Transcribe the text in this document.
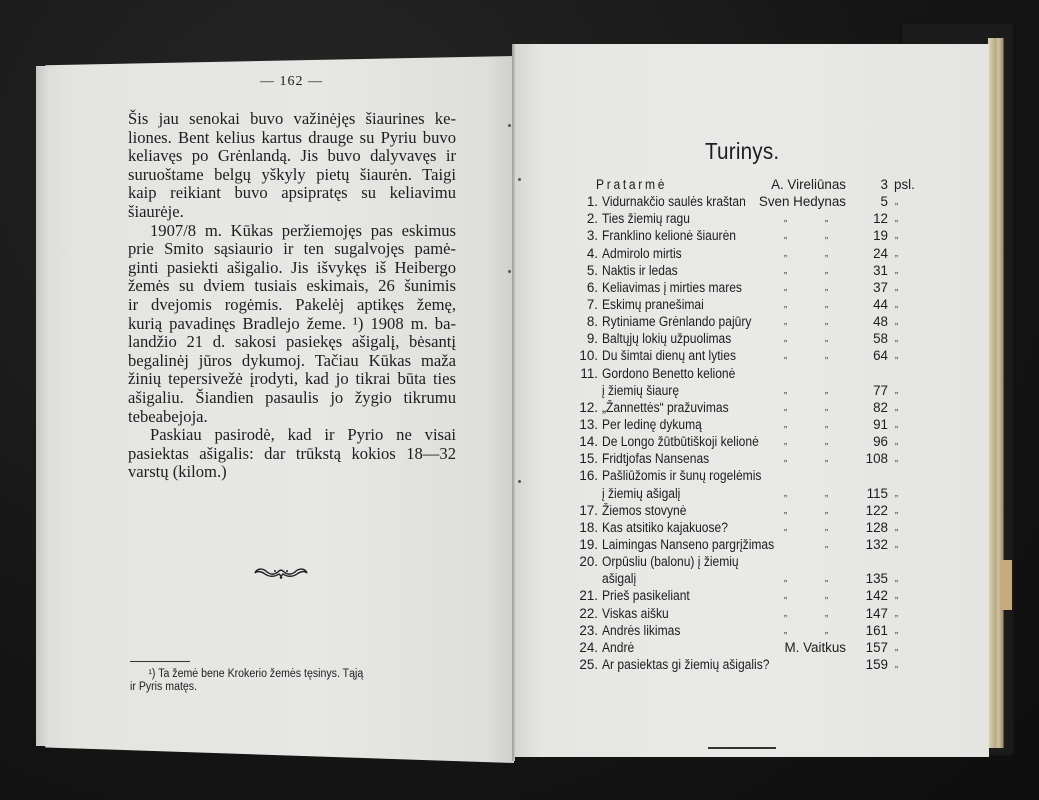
— 162 —

Šis jau senokai buvo važinėjęs šiaurines ke-
liones. Bent kelius kartus drauge su Pyriu buvo
keliavęs po Grėnlandą. Jis buvo dalyvavęs ir
suruoštame belgų yškyly pietų šiaurėn. Taigi
kaip reikiant buvo apsipratęs su keliavimu
šiaurėje.

1907/8 m. Kūkas peržiemojęs pas eskimus
prie Smito sąsiaurio ir ten sugalvojęs pamė-
ginti pasiekti ašigalio. Jis išvykęs iš Heibergo
žemės su dviem tusiais eskimais, 26 šunimis
ir dvejomis rogėmis. Pakelėj aptikęs žemę,
kurią pavadinęs Bradlejo žeme. ¹) 1908 m. ba-
landžio 21 d. sakosi pasiekęs ašigalį, bėsantį
begalinėj jūros dykumoj. Tačiau Kūkas maža
žinių tepersivežė įrodyti, kad jo tikrai būta ties
ašigaliu. Šiandien pasaulis jo žygio tikrumu
tebeabejoja.

Paskiau pasirodė, kad ir Pyrio ne visai
pasiektas ašigalis: dar trūkstą kokios 18—32
varstų (kilom.)

¹) Ta žemė bene Krokerio žemės tęsinys. Tąją
ir Pyris matęs.
Turinys.
Pratarmė	A. Vireliūnas	3 psl.
1. Vidurnakčio saulės kraštan Sven Hedynas	5 „
2. Ties žiemių ragu	„	„	12 „
3. Franklino kelionė šiaurėn	„	„	19 „
4. Admirolo mirtis	„	„	24 „
5. Naktis ir ledas	„	„	31 „
6. Keliavimas į mirties mares	„	„	37 „
7. Eskimų pranešimai	„	„	44 „
8. Rytiniame Grėnlando pajūry	„	„	48 „
9. Baltųjų lokių užpuolimas	„	„	58 „
10. Du šimtai dienų ant lyties	„	„	64 „
11. Gordono Benetto kelionė
į žiemių šiaurę	„	„	77 „
12. „Žannettės“ pražuvimas	„	„	82 „
13. Per ledinę dykumą	„	„	91 „
14. De Longo žūtbūtiškoji kelionė	„	„	96 „
15. Fridtjofas Nansenas	„	„	108 „
16. Pašliūžomis ir šunų rogelėmis
į žiemių ašigalį	„	„	115 „
17. Žiemos stovynė	„	„	122 „
18. Kas atsitiko kajakuose?	„	„	128 „
19. Laimingas Nanseno pargrįžimas	„	132 „
20. Orpūsliu (balonu) į žiemių
ašigalį	„	„	135 „
21. Prieš pasikeliant	„	„	142 „
22. Viskas aišku	„	„	147 „
23. Andrės likimas	„	„	161 „
24. Andrė	M. Vaitkus	157 „
25. Ar pasiektas gi žiemių ašigalis?	159 „
